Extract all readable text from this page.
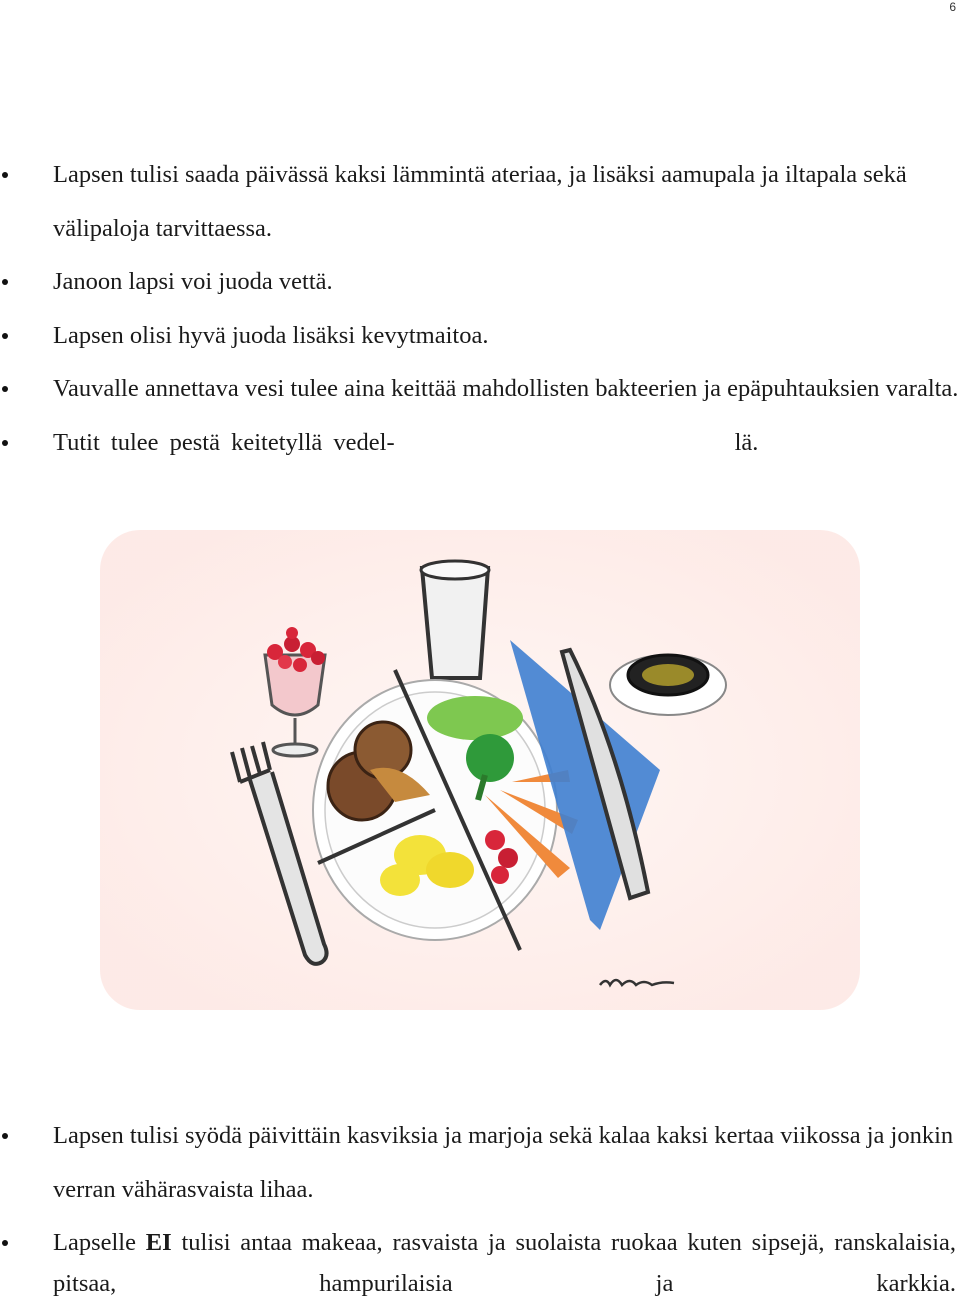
6
Lapsen tulisi saada päivässä kaksi lämmintä ateriaa, ja lisäksi aamupala ja iltapala sekä välipaloja tarvittaessa.
Janoon lapsi voi juoda vettä.
Lapsen olisi hyvä juoda lisäksi kevytmaitoa.
Vauvalle annettava vesi tulee aina keittää mahdollisten bakteerien ja epäpuhtauksien varalta.
Tutit tulee pestä keitetyllä vedel-	lä.
Lapsen tulisi syödä päivittäin kasviksia ja marjoja sekä kalaa kaksi kertaa viikossa ja jonkin verran vähärasvaista lihaa.
Lapselle EI tulisi antaa makeaa, rasvaista ja suolaista ruokaa kuten sipsejä, ranskalaisia, pitsaa, hampurilaisia ja karkkia.
